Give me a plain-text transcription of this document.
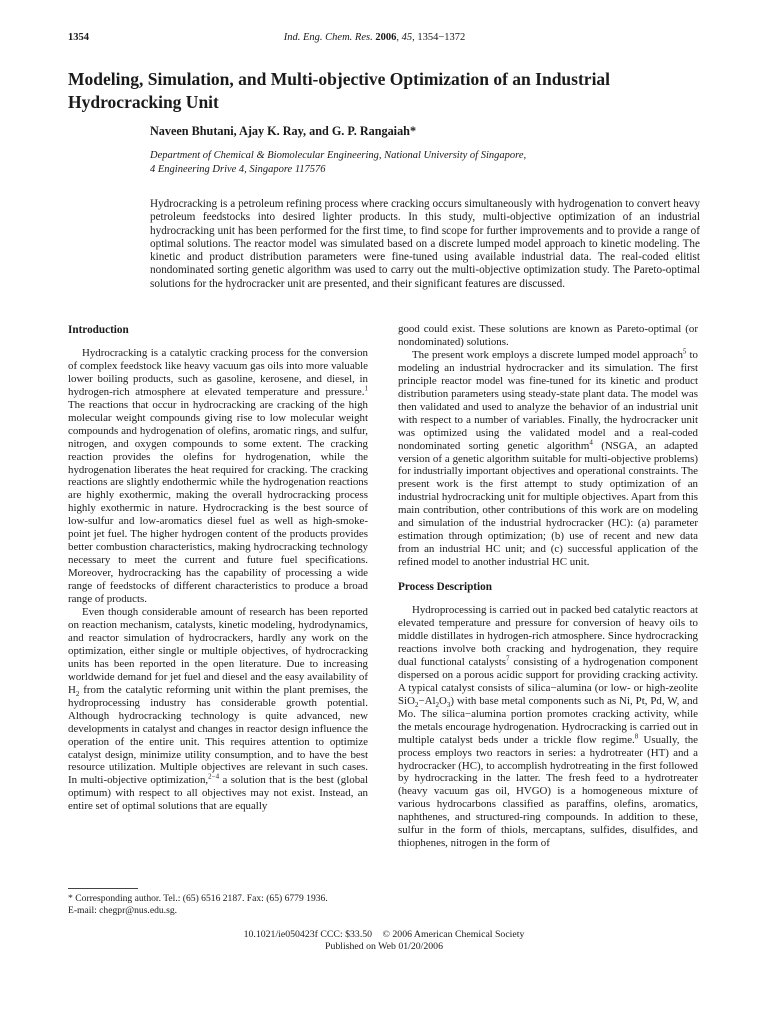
1354	Ind. Eng. Chem. Res. 2006, 45, 1354−1372
Modeling, Simulation, and Multi-objective Optimization of an Industrial Hydrocracking Unit
Naveen Bhutani, Ajay K. Ray, and G. P. Rangaiah*
Department of Chemical & Biomolecular Engineering, National University of Singapore,
4 Engineering Drive 4, Singapore 117576

Hydrocracking is a petroleum refining process where cracking occurs simultaneously with hydrogenation to convert heavy petroleum feedstocks into desired lighter products. In this study, multi-objective optimization of an industrial hydrocracking unit has been performed for the first time, to find scope for further improvements and to provide a range of optimal solutions. The reactor model was simulated based on a discrete lumped model approach to kinetic modeling. The kinetic and product distribution parameters were fine-tuned using available industrial data. The real-coded elitist nondominated sorting genetic algorithm was used to carry out the multi-objective optimization study. The Pareto-optimal solutions for the hydrocracker unit are presented, and their significant features are discussed.

Introduction

Hydrocracking is a catalytic cracking process for the conversion of complex feedstock like heavy vacuum gas oils into more valuable lower boiling products, such as gasoline, kerosene, and diesel, in hydrogen-rich atmosphere at elevated temperature and pressure.$^1$ The reactions that occur in hydrocracking are cracking of the high molecular weight compounds giving rise to low molecular weight compounds and hydrogenation of olefins, aromatic rings, and sulfur, nitrogen, and oxygen compounds to some extent. The cracking reaction provides the olefins for hydrogenation, while the hydrogenation liberates the heat required for cracking. The cracking reactions are slightly endothermic while the hydrogenation reactions are highly exothermic, making the overall hydrocracking process highly exothermic in nature. Hydrocracking is the best source of low-sulfur and low-aromatics diesel fuel as well as high-smoke-point jet fuel. The higher hydrogen content of the products provides better combustion characteristics, making hydrocracking technology necessary to meet the current and future fuel specifications. Moreover, hydrocracking has the capability of processing a wide range of feedstocks of different characteristics to produce a broad range of products.

Even though considerable amount of research has been reported on reaction mechanism, catalysts, kinetic modeling, hydrodynamics, and reactor simulation of hydrocrackers, hardly any work on the optimization, either single or multiple objectives, of hydrocracking units has been reported in the open literature. Due to increasing worldwide demand for jet fuel and diesel and the easy availability of $H_2$ from the catalytic reforming unit within the plant premises, the hydroprocessing industry has considerable growth potential. Although hydrocracking technology is quite advanced, new developments in catalyst and changes in reactor design influence the operation of the entire unit. This requires attention to optimize catalyst design, minimize utility consumption, and to have the best resource utilization. Multiple objectives are relevant in such cases. In multi-objective optimization,$^{2-4}$ a solution that is the best (global optimum) with respect to all objectives may not exist. Instead, an entire set of optimal solutions that are equally

good could exist. These solutions are known as Pareto-optimal (or nondominated) solutions.

The present work employs a discrete lumped model approach$^5$ to modeling an industrial hydrocracker and its simulation. The first principle reactor model was fine-tuned for its kinetic and product distribution parameters using steady-state plant data. The model was then validated and used to analyze the behavior of an industrial unit with respect to a number of variables. Finally, the hydrocracker unit was optimized using the validated model and a real-coded nondominated sorting genetic algorithm$^4$ (NSGA, an adapted version of a genetic algorithm suitable for multi-objective problems) for industrially important objectives and operational constraints. The present work is the first attempt to study optimization of an industrial hydrocracking unit for multiple objectives. Apart from this main contribution, other contributions of this work are on modeling and simulation of the industrial hydrocracker (HC): (a) parameter estimation through optimization; (b) use of recent and new data from an industrial HC unit; and (c) successful application of the refined model to another industrial HC unit.

Process Description

Hydroprocessing is carried out in packed bed catalytic reactors at elevated temperature and pressure for conversion of heavy oils to middle distillates in hydrogen-rich atmosphere. Since hydrocracking reactions involve both cracking and hydrogenation, they require dual functional catalysts$^7$ consisting of a hydrogenation component dispersed on a porous acidic support for providing cracking activity. A typical catalyst consists of silica−alumina (or low- or high-zeolite $SiO_2-Al_2O_3$) with base metal components such as Ni, Pt, Pd, W, and Mo. The silica−alumina portion promotes cracking activity, while the metals encourage hydrogenation. Hydrocracking is carried out in multiple catalyst beds under a trickle flow regime.$^8$ Usually, the process employs two reactors in series: a hydrotreater (HT) and a hydrocracker (HC), to accomplish hydrotreating in the first followed by hydrocracking in the latter. The fresh feed to a hydrotreater (heavy vacuum gas oil, HVGO) is a homogeneous mixture of various hydrocarbons classified as paraffins, olefins, aromatics, naphthenes, and structured-ring compounds. In addition to these, sulfur in the form of thiols, mercaptans, sulfides, disulfides, and thiophenes, nitrogen in the form of

* Corresponding author. Tel.: (65) 6516 2187. Fax: (65) 6779 1936.
E-mail: chegpr@nus.edu.sg.
10.1021/ie050423f CCC: $33.50 © 2006 American Chemical Society
Published on Web 01/20/2006
